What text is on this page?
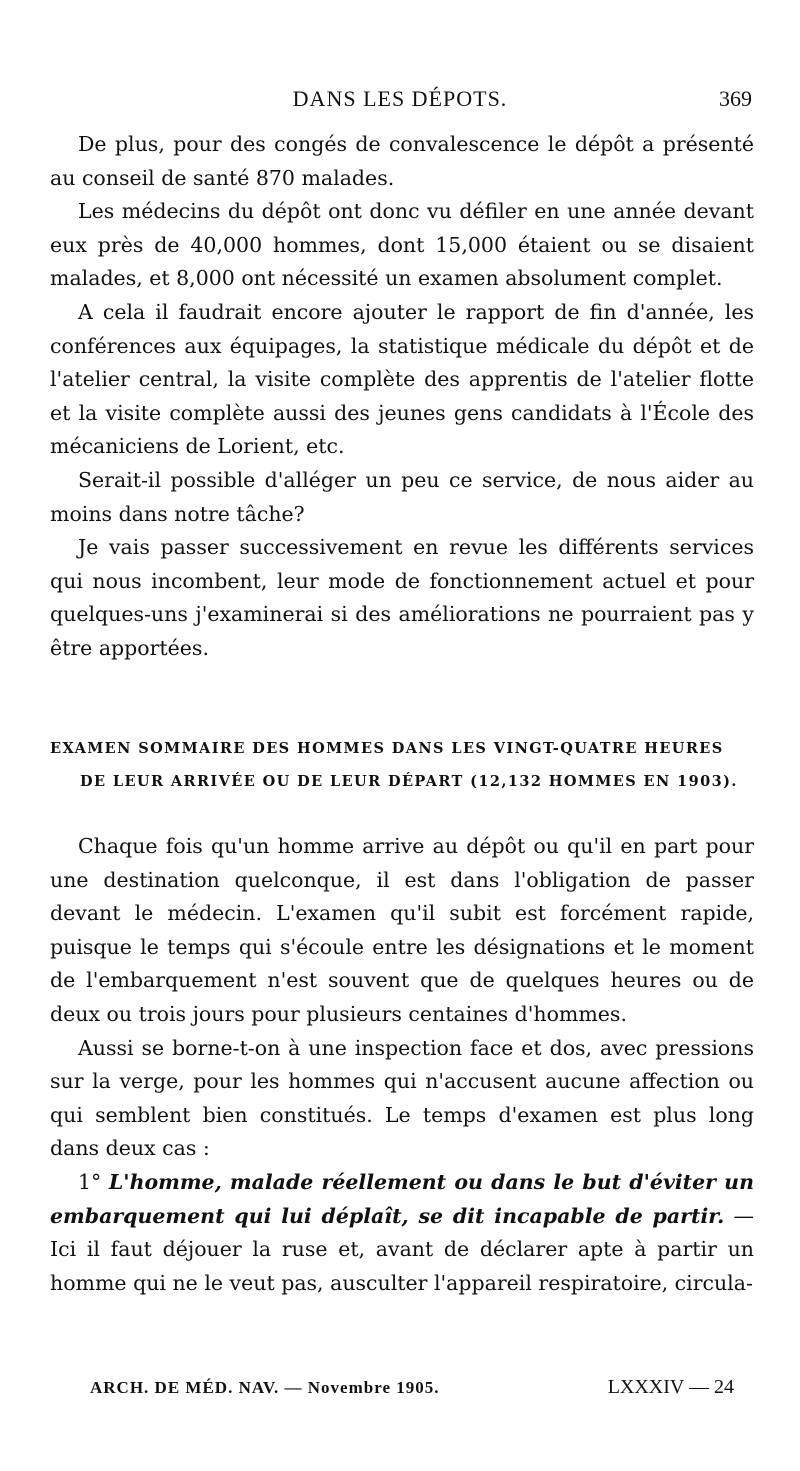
DANS LES DÉPOTS.	369

De plus, pour des congés de convalescence le dépôt a présenté au conseil de santé 870 malades.

Les médecins du dépôt ont donc vu défiler en une année devant eux près de 40,000 hommes, dont 15,000 étaient ou se disaient malades, et 8,000 ont nécessité un examen absolument complet.

A cela il faudrait encore ajouter le rapport de fin d'année, les conférences aux équipages, la statistique médicale du dépôt et de l'atelier central, la visite complète des apprentis de l'atelier flotte et la visite complète aussi des jeunes gens candidats à l'École des mécaniciens de Lorient, etc.

Serait-il possible d'alléger un peu ce service, de nous aider au moins dans notre tâche?

Je vais passer successivement en revue les différents services qui nous incombent, leur mode de fonctionnement actuel et pour quelques-uns j'examinerai si des améliorations ne pourraient pas y être apportées.

EXAMEN SOMMAIRE DES HOMMES DANS LES VINGT-QUATRE HEURES
DE LEUR ARRIVÉE OU DE LEUR DÉPART (12,132 HOMMES EN 1903).

Chaque fois qu'un homme arrive au dépôt ou qu'il en part pour une destination quelconque, il est dans l'obligation de passer devant le médecin. L'examen qu'il subit est forcément rapide, puisque le temps qui s'écoule entre les désignations et le moment de l'embarquement n'est souvent que de quelques heures ou de deux ou trois jours pour plusieurs centaines d'hommes.

Aussi se borne-t-on à une inspection face et dos, avec pressions sur la verge, pour les hommes qui n'accusent aucune affection ou qui semblent bien constitués. Le temps d'examen est plus long dans deux cas :

1° L'homme, malade réellement ou dans le but d'éviter un embarquement qui lui déplaît, se dit incapable de partir. — Ici il faut déjouer la ruse et, avant de déclarer apte à partir un homme qui ne le veut pas, ausculter l'appareil respiratoire, circula-

ARCH. DE MÉD. NAV. — Novembre 1905.	LXXXIV — 24
